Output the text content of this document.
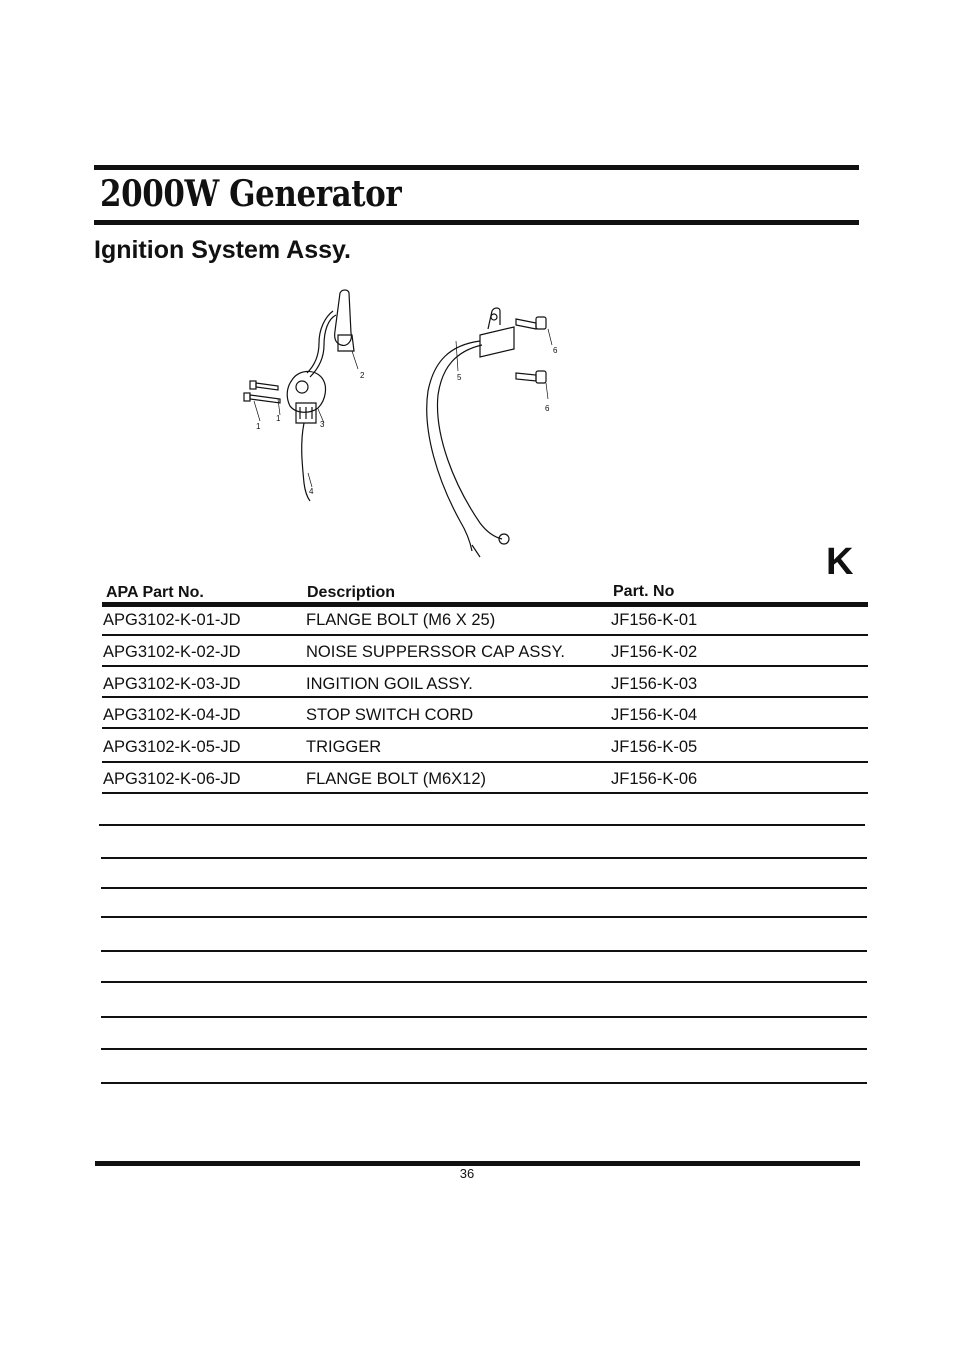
2000W Generator
Ignition System Assy.
1
1
2
3
4
5
6
6
K
APA Part No.	Description	Part. No
APG3102-K-01-JD	FLANGE BOLT (M6 X 25)	JF156-K-01
APG3102-K-02-JD	NOISE SUPPERSSOR CAP ASSY.	JF156-K-02
APG3102-K-03-JD	INGITION GOIL ASSY.	JF156-K-03
APG3102-K-04-JD	STOP SWITCH CORD	JF156-K-04
APG3102-K-05-JD	TRIGGER	JF156-K-05
APG3102-K-06-JD	FLANGE BOLT (M6X12)	JF156-K-06
36
